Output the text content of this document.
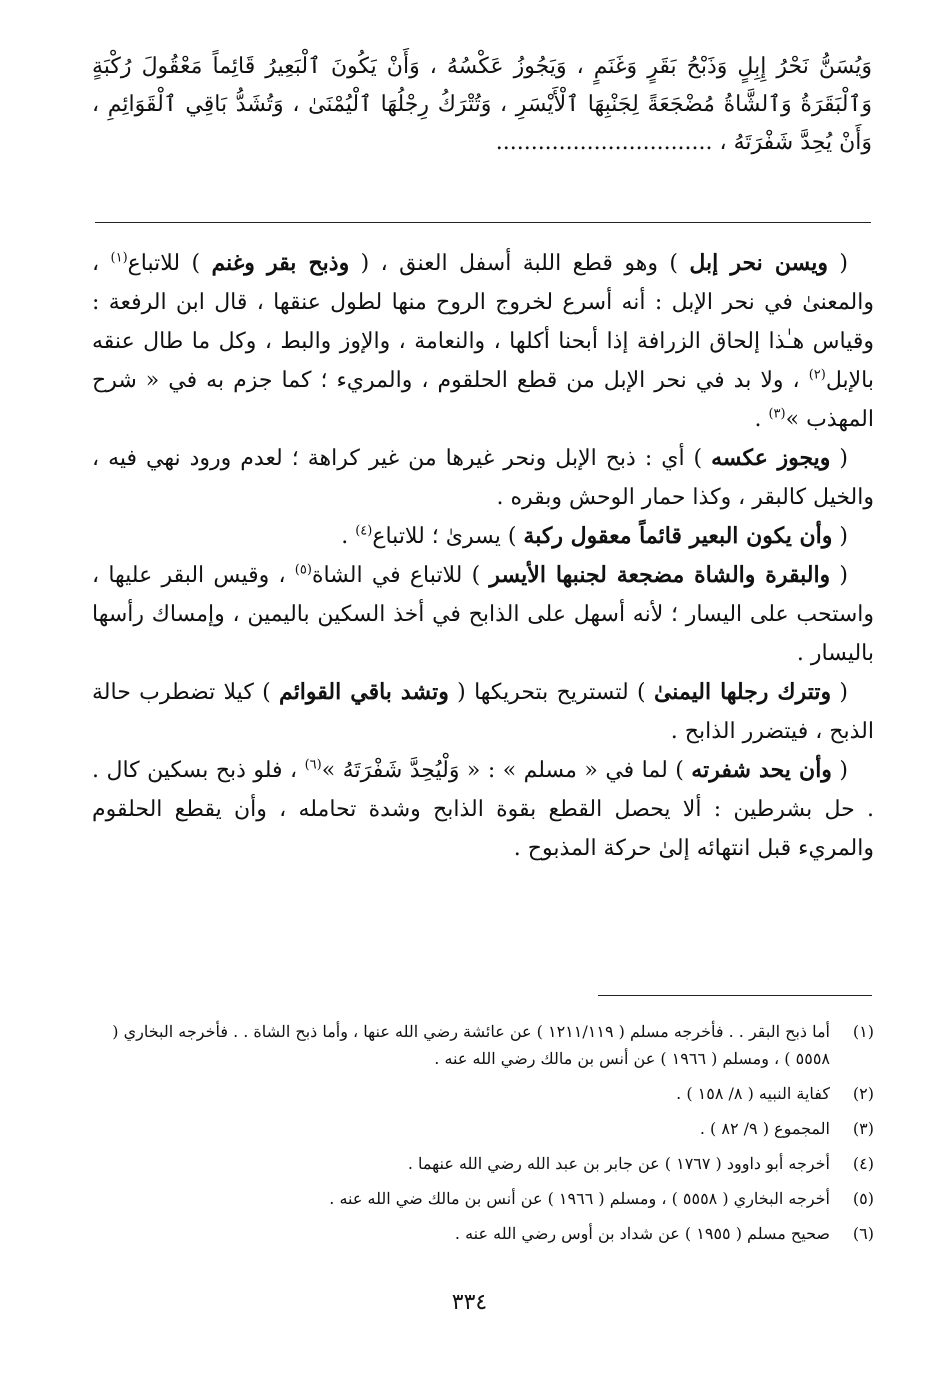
وَيُسَنُّ نَحْرُ إِبِلٍ وَذَبْحُ بَقَرٍ وَغَنَمٍ ، وَيَجُوزُ عَكْسُهُ ، وَأَنْ يَكُونَ ٱلْبَعِيرُ قَائِماً مَعْقُولَ رُكْبَةٍ وَٱلْبَقَرَةُ وَٱلشَّاةُ مُضْجَعَةً لِجَنْبِهَا ٱلْأَيْسَرِ ، وَتُتْرَكُ رِجْلُهَا ٱلْيُمْنَىٰ ، وَتُشَدُّ بَاقِي ٱلْقَوَائِمِ ، وَأَنْ يُحِدَّ شَفْرَتَهُ ، ...............................

( ويسن نحر إبل ) وهو قطع اللبة أسفل العنق ، ( وذبح بقر وغنم ) للاتباع$^{(١)}$ ، والمعنىٰ في نحر الإبل : أنه أسرع لخروج الروح منها لطول عنقها ، قال ابن الرفعة : وقياس هـٰذا إلحاق الزرافة إذا أبحنا أكلها ، والنعامة ، والإوز والبط ، وكل ما طال عنقه بالإبل$^{(٢)}$ ، ولا بد في نحر الإبل من قطع الحلقوم ، والمريء ؛ كما جزم به في « شرح المهذب »$^{(٣)}$ .

( ويجوز عكسه ) أي : ذبح الإبل ونحر غيرها من غير كراهة ؛ لعدم ورود نهي فيه ، والخيل كالبقر ، وكذا حمار الوحش وبقره .

( وأن يكون البعير قائماً معقول ركبة ) يسرىٰ ؛ للاتباع$^{(٤)}$ .

( والبقرة والشاة مضجعة لجنبها الأيسر ) للاتباع في الشاة$^{(٥)}$ ، وقيس البقر عليها ، واستحب على اليسار ؛ لأنه أسهل على الذابح في أخذ السكين باليمين ، وإمساك رأسها باليسار .

( وتترك رجلها اليمنىٰ ) لتستريح بتحريكها ( وتشد باقي القوائم ) كيلا تضطرب حالة الذبح ، فيتضرر الذابح .

( وأن يحد شفرته ) لما في « مسلم » : « وَلْيُحِدَّ شَفْرَتَهُ »$^{(٦)}$ ، فلو ذبح بسكين كال . . حل بشرطين : ألا يحصل القطع بقوة الذابح وشدة تحامله ، وأن يقطع الحلقوم والمريء قبل انتهائه إلىٰ حركة المذبوح .

(١)
أما ذبح البقر . . فأخرجه مسلم ( ١٢١١/١١٩ ) عن عائشة رضي الله عنها ، وأما ذبح الشاة . . فأخرجه البخاري ( ٥٥٥٨ ) ، ومسلم ( ١٩٦٦ ) عن أنس بن مالك رضي الله عنه .
(٢)
كفاية النبيه ( ٨/ ١٥٨ ) .
(٣)
المجموع ( ٩/ ٨٢ ) .
(٤)
أخرجه أبو داوود ( ١٧٦٧ ) عن جابر بن عبد الله رضي الله عنهما .
(٥)
أخرجه البخاري ( ٥٥٥٨ ) ، ومسلم ( ١٩٦٦ ) عن أنس بن مالك ضي الله عنه .
(٦)
صحيح مسلم ( ١٩٥٥ ) عن شداد بن أوس رضي الله عنه .
٣٣٤
